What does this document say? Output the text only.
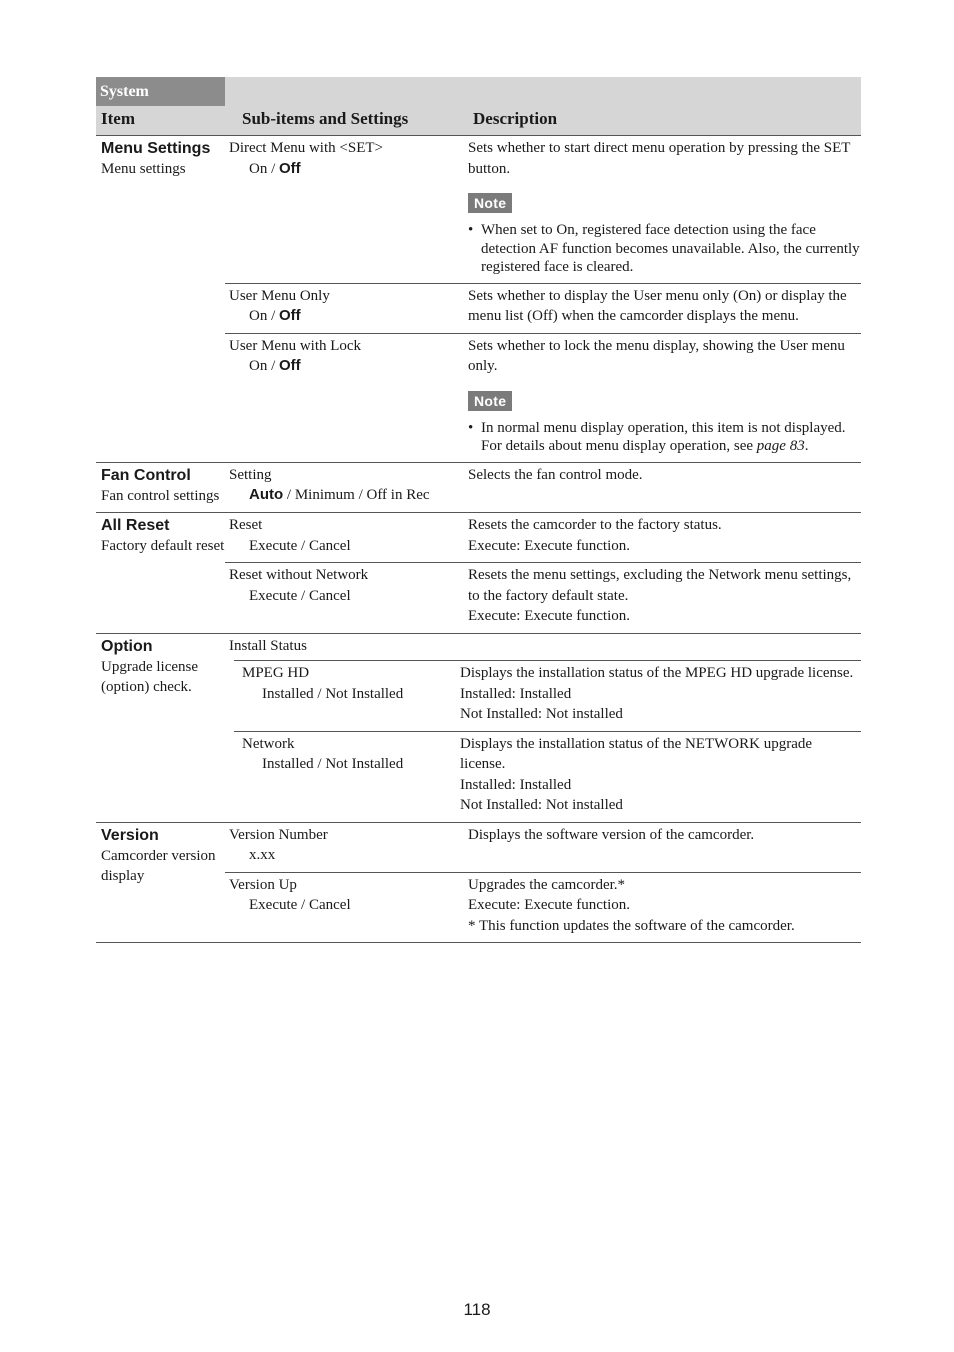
System
Item	Sub-items and Settings	Description
Menu Settings
Menu settings
Direct Menu with <SET>
On / Off
Sets whether to start direct menu operation by pressing the SET button.
Note
• When set to On, registered face detection using the face detection AF function becomes unavailable. Also, the currently registered face is cleared.
User Menu Only
On / Off
Sets whether to display the User menu only (On) or display the menu list (Off) when the camcorder displays the menu.
User Menu with Lock
On / Off
Sets whether to lock the menu display, showing the User menu only.
Note
• In normal menu display operation, this item is not displayed. For details about menu display operation, see page 83.
Fan Control
Fan control settings
Setting
Auto / Minimum / Off in Rec
Selects the fan control mode.
All Reset
Factory default reset
Reset
Execute / Cancel
Resets the camcorder to the factory status.
Execute: Execute function.
Reset without Network
Execute / Cancel
Resets the menu settings, excluding the Network menu settings, to the factory default state.
Execute: Execute function.
Option
Upgrade license (option) check.
Install Status
MPEG HD
Installed / Not Installed
Displays the installation status of the MPEG HD upgrade license.
Installed: Installed
Not Installed: Not installed
Network
Installed / Not Installed
Displays the installation status of the NETWORK upgrade license.
Installed: Installed
Not Installed: Not installed
Version
Camcorder version display
Version Number
x.xx
Displays the software version of the camcorder.
Version Up
Execute / Cancel
Upgrades the camcorder.*
Execute: Execute function.
* This function updates the software of the camcorder.
118
